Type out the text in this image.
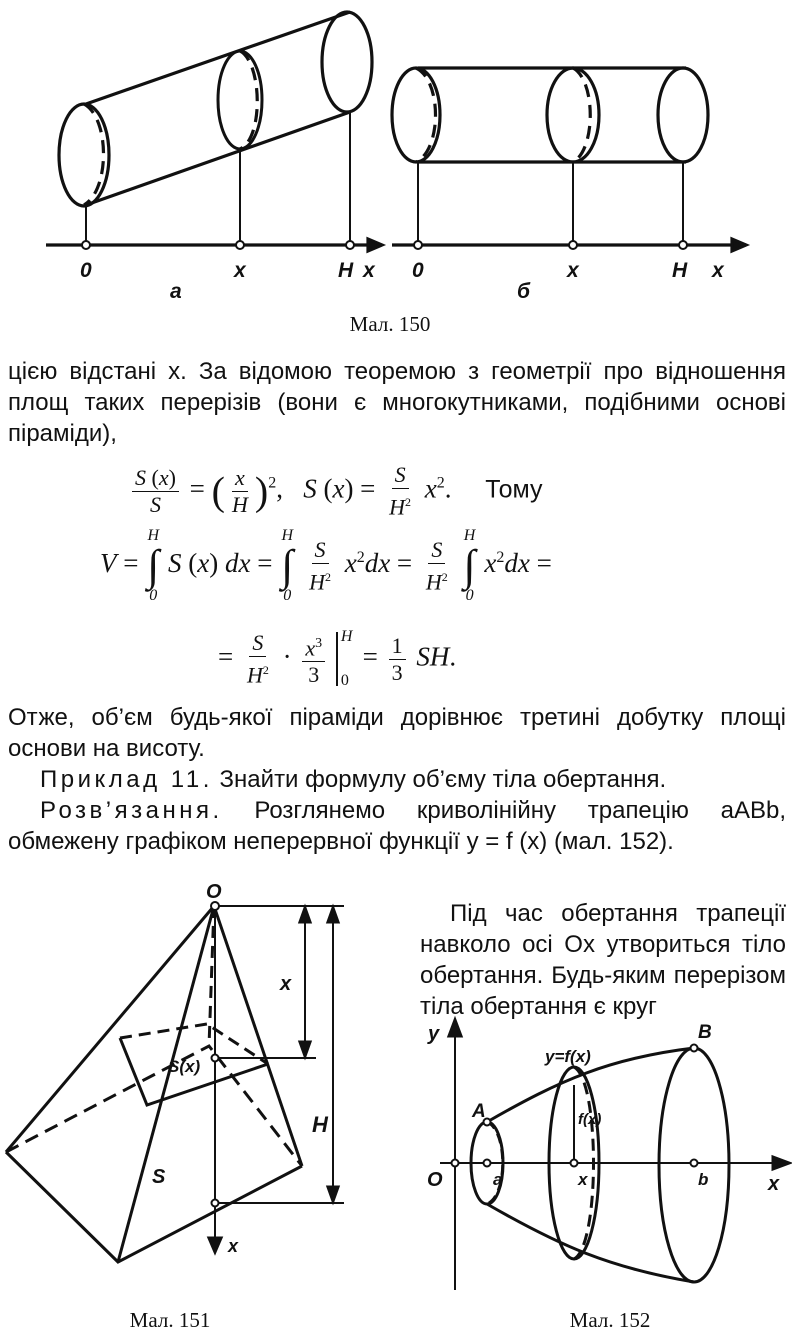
0	x	H x
а
0	x	H x
б
Мал. 150
цією відстані x. За відомою теоремою з геометрії про відношення площ таких перерізів (вони є многокутниками, подібними основі піраміди),
$\frac{S (x)}{S}$ = ( $\frac{x}{H} )^2$,   S $(x) = \frac{S}{H^2} x^2$.     Тому
V =
H
∫
0
S (x) dx =
H
∫
0

$\frac{S}{H^2} x^2dx = \frac{S}{H^2}$

H
∫
0
$x^2dx$ =
= $\frac{S}{H^2} \cdot \frac{x^3}{3}$
H
0
= $\frac{1}{3}$ SH.
Отже, об’єм будь-якої піраміди дорівнює третині добутку площі основи на висоту.
Приклад 11. Знайти формулу об’єму тіла обертання.
Розв’язання. Розглянемо криволінійну трапецію aABb, обмежену графіком неперервної функції y = f (x) (мал. 152).
Під час обертання трапеції навколо осі Ox утвориться тіло обертання. Будь-яким перерізом тіла обертання є круг
O
x
H
S(x)
S
x
Мал. 151
y
O	x
A
B
a	x	b
y=f(x)
f(x)
Мал. 152
